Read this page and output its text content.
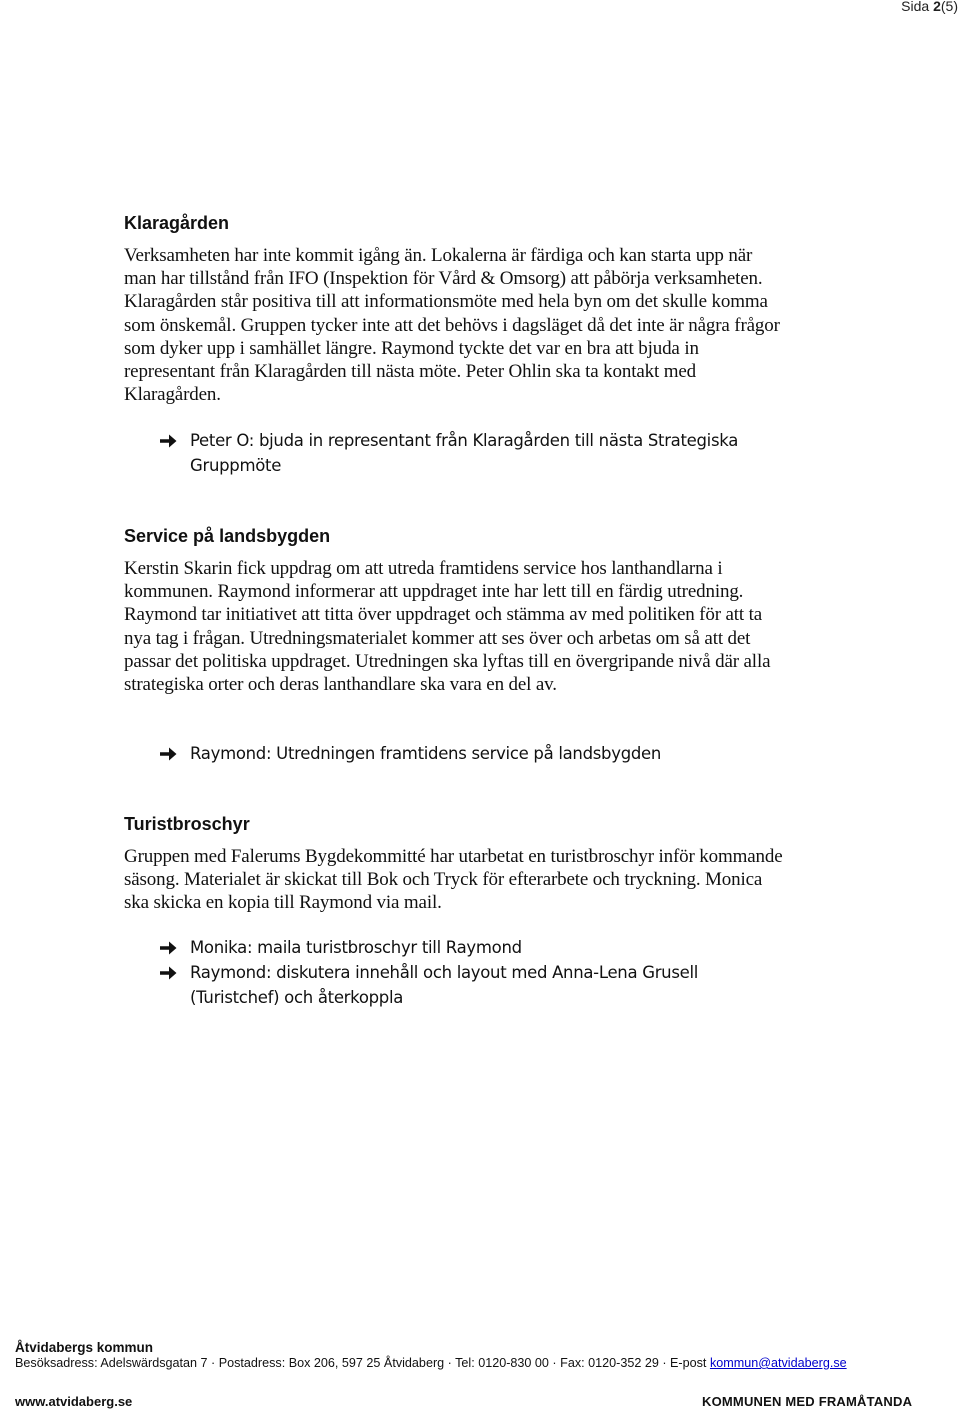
Sida 2(5)
Klaragården

Verksamheten har inte kommit igång än. Lokalerna är färdiga och kan starta upp när man har tillstånd från IFO (Inspektion för Vård & Omsorg) att påbörja verksamheten. Klaragården står positiva till att informationsmöte med hela byn om det skulle komma som önskemål. Gruppen tycker inte att det behövs i dagsläget då det inte är några frågor som dyker upp i samhället längre. Raymond tyckte det var en bra att bjuda in representant från Klaragården till nästa möte. Peter Ohlin ska ta kontakt med Klaragården.

Peter O: bjuda in representant från Klaragården till nästa Strategiska Gruppmöte
Service på landsbygden

Kerstin Skarin fick uppdrag om att utreda framtidens service hos lanthandlarna i kommunen. Raymond informerar att uppdraget inte har lett till en färdig utredning. Raymond tar initiativet att titta över uppdraget och stämma av med politiken för att ta nya tag i frågan. Utredningsmaterialet kommer att ses över och arbetas om så att det passar det politiska uppdraget. Utredningen ska lyftas till en övergripande nivå där alla strategiska orter och deras lanthandlare ska vara en del av.

Raymond: Utredningen framtidens service på landsbygden
Turistbroschyr

Gruppen med Falerums Bygdekommitté har utarbetat en turistbroschyr inför kommande säsong. Materialet är skickat till Bok och Tryck för efterarbete och tryckning. Monica ska skicka en kopia till Raymond via mail.

Monika: maila turistbroschyr till Raymond
Raymond: diskutera innehåll och layout med Anna-Lena Grusell (Turistchef) och återkoppla
Åtvidabergs kommun
Besöksadress: Adelswärdsgatan 7 · Postadress: Box 206, 597 25 Åtvidaberg · Tel: 0120-830 00 · Fax: 0120-352 29 · E-post kommun@atvidaberg.se
www.atvidaberg.se	KOMMUNEN MED FRAMÅTANDA
